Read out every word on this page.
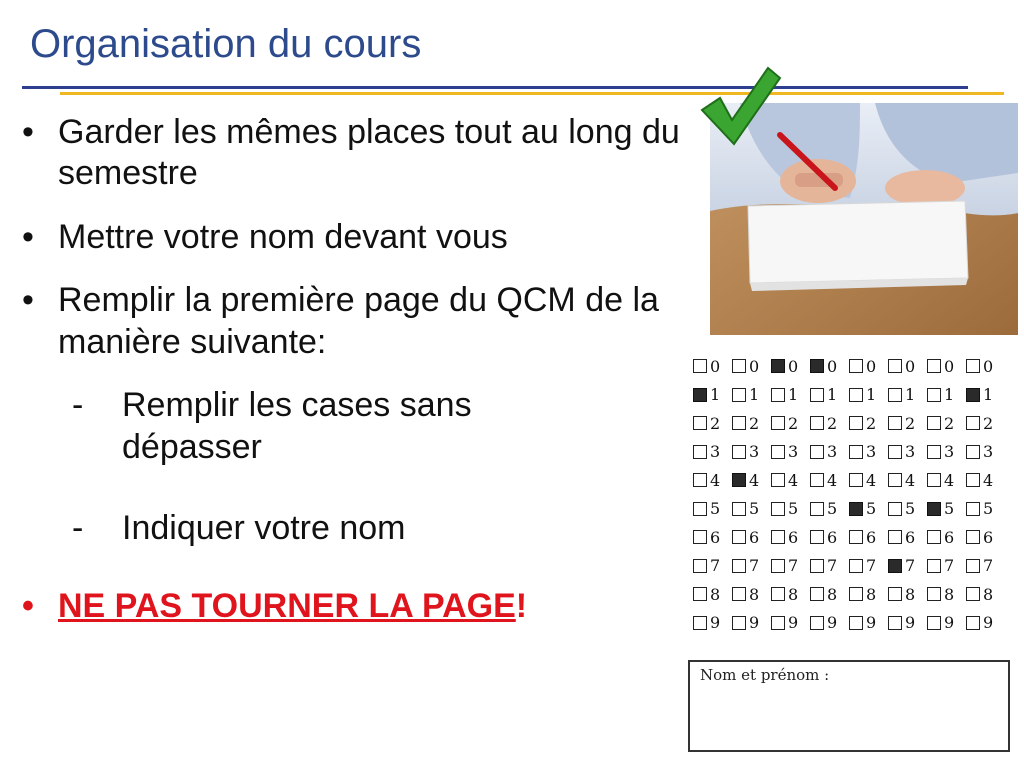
Organisation du cours
• Garder les mêmes places tout au long du semestre
• Mettre votre nom devant vous
• Remplir la première page du QCM de la manière suivante:
- Remplir les cases sans dépasser
- Indiquer votre nom
• NE PAS TOURNER LA PAGE!
0 0 0 0 0 0 0 0
1 1 1 1 1 1 1 1
2 2 2 2 2 2 2 2
3 3 3 3 3 3 3 3
4 4 4 4 4 4 4 4
5 5 5 5 5 5 5 5
6 6 6 6 6 6 6 6
7 7 7 7 7 7 7 7
8 8 8 8 8 8 8 8
9 9 9 9 9 9 9 9
Nom et prénom :
